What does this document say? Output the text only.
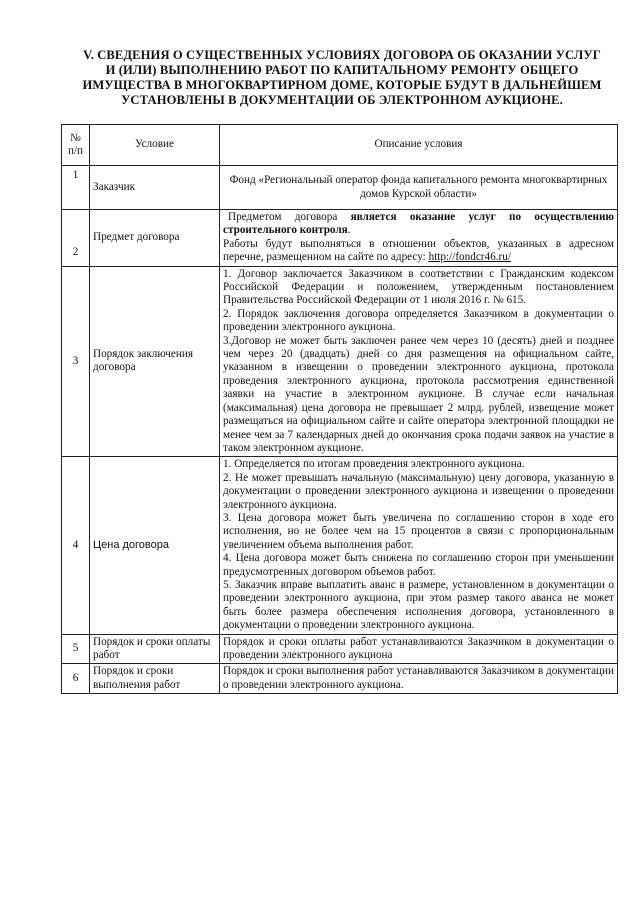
V. СВЕДЕНИЯ О СУЩЕСТВЕННЫХ УСЛОВИЯХ ДОГОВОРА ОБ ОКАЗАНИИ УСЛУГ
И (ИЛИ) ВЫПОЛНЕНИЮ РАБОТ ПО КАПИТАЛЬНОМУ РЕМОНТУ ОБЩЕГО
ИМУЩЕСТВА В МНОГОКВАРТИРНОМ ДОМЕ, КОТОРЫЕ БУДУТ В ДАЛЬНЕЙШЕМ
УСТАНОВЛЕНЫ В ДОКУМЕНТАЦИИ ОБ ЭЛЕКТРОННОМ АУКЦИОНЕ.
№
п/п	Условие	Описание условия
1	Заказчик	Фонд «Региональный оператор фонда капитального ремонта многоквартирных домов Курской области»
2	Предмет договора	Предметом договора является оказание услуг по осуществлению строительного контроля.

Работы будут выполняться в отношении объектов, указанных в адресном перечне, размещенном на сайте по адресу: http://fondcr46.ru/

3	Порядок заключения договора	1. Договор заключается Заказчиком в соответствии с Гражданским кодексом Российской Федерации и положением, утвержденным постановлением Правительства Российской Федерации от 1 июля 2016 г. № 615.

2. Порядок заключения договора определяется Заказчиком в документации о проведении электронного аукциона.

3.Договор не может быть заключен ранее чем через 10 (десять) дней и позднее чем через 20 (двадцать) дней со дня размещения на официальном сайте, указанном в извещении о проведении электронного аукциона, протокола проведения электронного аукциона, протокола рассмотрения единственной заявки на участие в электронном аукционе. В случае если начальная (максимальная) цена договора не превышает 2 млрд. рублей, извещение может размещаться на официальном сайте и сайте оператора электронной площадки не менее чем за 7 календарных дней до окончания срока подачи заявок на участие в таком электронном аукционе.

4	Цена договора	1. Определяется по итогам проведения электронного аукциона.

2. Не может превышать начальную (максимальную) цену договора, указанную в документации о проведении электронного аукциона и извещении о проведении электронного аукциона.

3. Цена договора может быть увеличена по соглашению сторон в ходе его исполнения, но не более чем на 15 процентов в связи с пропорциональным увеличением объема выполнения работ.

4. Цена договора может быть снижена по соглашению сторон при уменьшении предусмотренных договором объемов работ.

5. Заказчик вправе выплатить аванс в размере, установленном в документации о проведении электронного аукциона, при этом размер такого аванса не может быть более размера обеспечения исполнения договора, установленного в документации о проведении электронного аукциона.

5	Порядок и сроки оплаты работ	Порядок и сроки оплаты работ устанавливаются Заказчиком в документации о проведении электронного аукциона
6	Порядок и сроки выполнения работ	Порядок и сроки выполнения работ устанавливаются Заказчиком в документации о проведении электронного аукциона.
